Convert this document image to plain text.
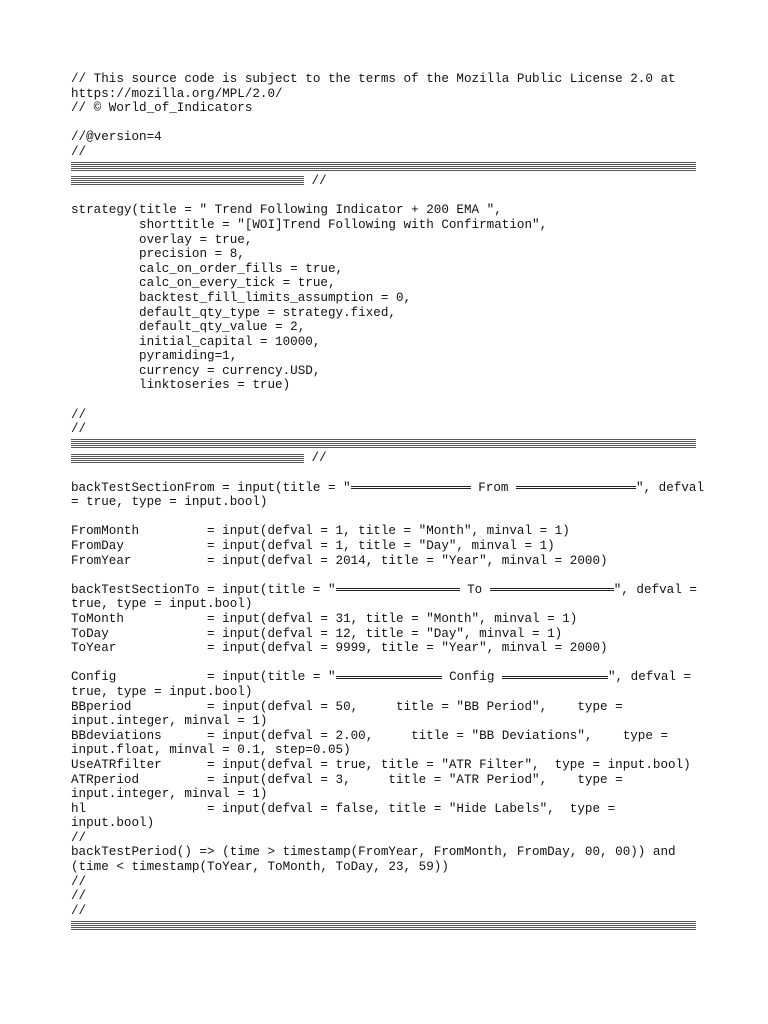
// This source code is subject to the terms of the Mozilla Public License 2.0 at
https://mozilla.org/MPL/2.0/
// © World_of_Indicators
//@version=4
//
//
strategy(title = " Trend Following Indicator + 200 EMA ",
shorttitle = "[WOI]Trend Following with Confirmation",
overlay = true,
precision = 8,
calc_on_order_fills = true,
calc_on_every_tick = true,
backtest_fill_limits_assumption = 0,
default_qty_type = strategy.fixed,
default_qty_value = 2,
initial_capital = 10000,
pyramiding=1,
currency = currency.USD,
linktoseries = true)
//
//
//
backTestSectionFrom = input(title = "	From	", defval
= true, type = input.bool)
FromMonth         = input(defval = 1, title = "Month", minval = 1)
FromDay           = input(defval = 1, title = "Day", minval = 1)
FromYear          = input(defval = 2014, title = "Year", minval = 2000)
backTestSectionTo = input(title = "	To	", defval =
true, type = input.bool)
ToMonth           = input(defval = 31, title = "Month", minval = 1)
ToDay             = input(defval = 12, title = "Day", minval = 1)
ToYear            = input(defval = 9999, title = "Year", minval = 2000)
Config            = input(title = "	Config	", defval =
true, type = input.bool)
BBperiod          = input(defval = 50,     title = "BB Period",    type =
input.integer, minval = 1)
BBdeviations      = input(defval = 2.00,     title = "BB Deviations",    type =
input.float, minval = 0.1, step=0.05)
UseATRfilter      = input(defval = true, title = "ATR Filter",  type = input.bool)
ATRperiod         = input(defval = 3,     title = "ATR Period",    type =
input.integer, minval = 1)
hl                = input(defval = false, title = "Hide Labels",  type =
input.bool)
//
backTestPeriod() => (time > timestamp(FromYear, FromMonth, FromDay, 00, 00)) and
(time < timestamp(ToYear, ToMonth, ToDay, 23, 59))
//
//
//
